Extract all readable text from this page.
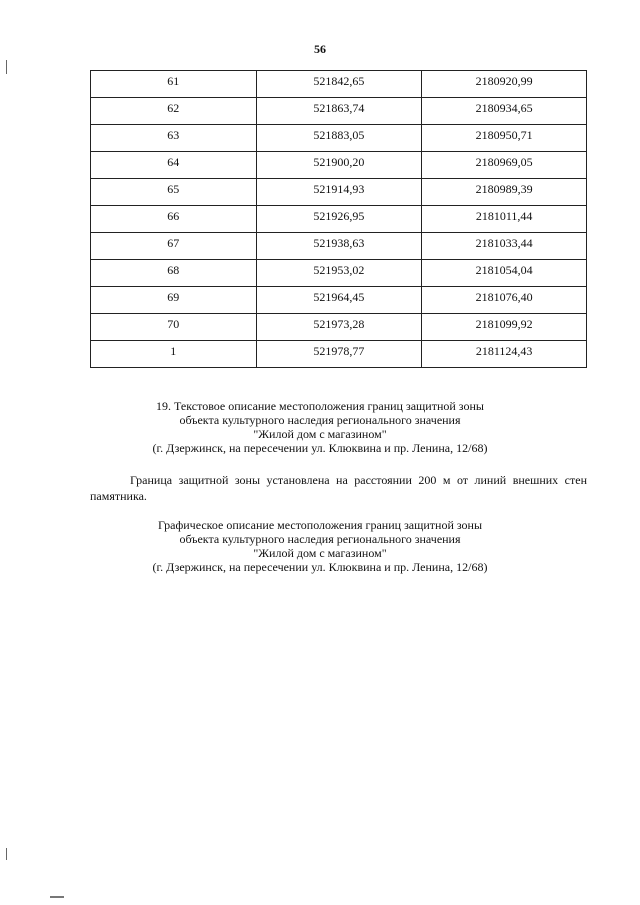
56
61	521842,65	2180920,99
62	521863,74	2180934,65
63	521883,05	2180950,71
64	521900,20	2180969,05
65	521914,93	2180989,39
66	521926,95	2181011,44
67	521938,63	2181033,44
68	521953,02	2181054,04
69	521964,45	2181076,40
70	521973,28	2181099,92
1	521978,77	2181124,43
19. Текстовое описание местоположения границ защитной зоны
объекта культурного наследия регионального значения
"Жилой дом с магазином"
(г. Дзержинск, на пересечении ул. Клюквина и пр. Ленина, 12/68)
Граница защитной зоны установлена на расстоянии 200 м от линий внешних стен памятника.
Графическое описание местоположения границ защитной зоны
объекта культурного наследия регионального значения
"Жилой дом с магазином"
(г. Дзержинск, на пересечении ул. Клюквина и пр. Ленина, 12/68)
